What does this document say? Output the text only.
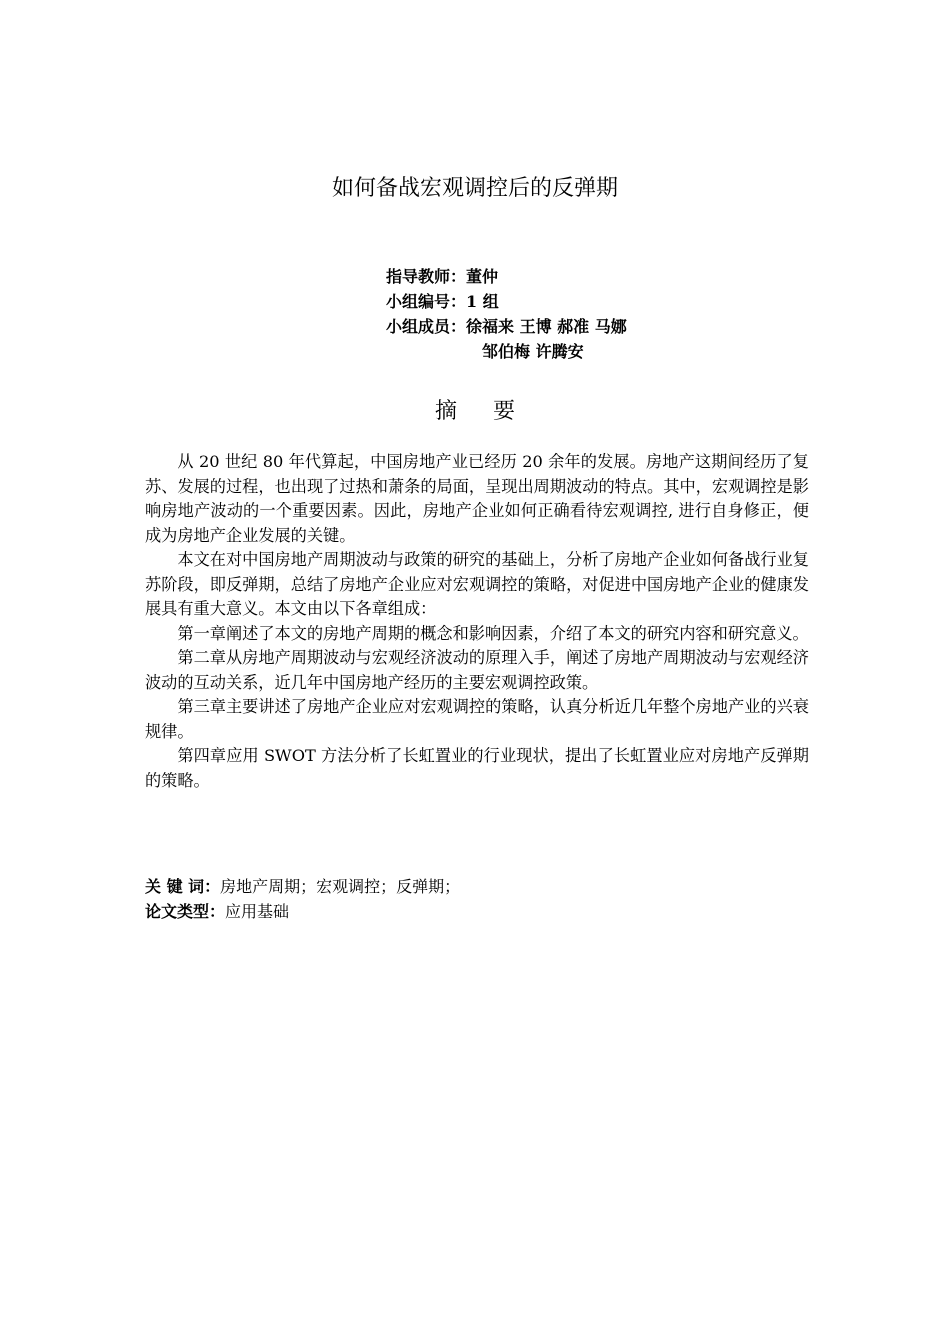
如何备战宏观调控后的反弹期
指导教师：董仲
小组编号：1 组
小组成员：徐福来 王博 郝准 马娜
邹伯梅 许腾安
摘 要

从 20 世纪 80 年代算起，中国房地产业已经历 20 余年的发展。房地产这期间经历了复苏、发展的过程，也出现了过热和萧条的局面，呈现出周期波动的特点。其中，宏观调控是影响房地产波动的一个重要因素。因此，房地产企业如何正确看待宏观调控, 进行自身修正，便成为房地产企业发展的关键。

本文在对中国房地产周期波动与政策的研究的基础上，分析了房地产企业如何备战行业复苏阶段，即反弹期，总结了房地产企业应对宏观调控的策略，对促进中国房地产企业的健康发展具有重大意义。本文由以下各章组成：

第一章阐述了本文的房地产周期的概念和影响因素，介绍了本文的研究内容和研究意义。

第二章从房地产周期波动与宏观经济波动的原理入手，阐述了房地产周期波动与宏观经济波动的互动关系，近几年中国房地产经历的主要宏观调控政策。

第三章主要讲述了房地产企业应对宏观调控的策略，认真分析近几年整个房地产业的兴衰规律。

第四章应用 SWOT 方法分析了长虹置业的行业现状，提出了长虹置业应对房地产反弹期的策略。

关 键 词：房地产周期；宏观调控；反弹期；
论文类型：应用基础
